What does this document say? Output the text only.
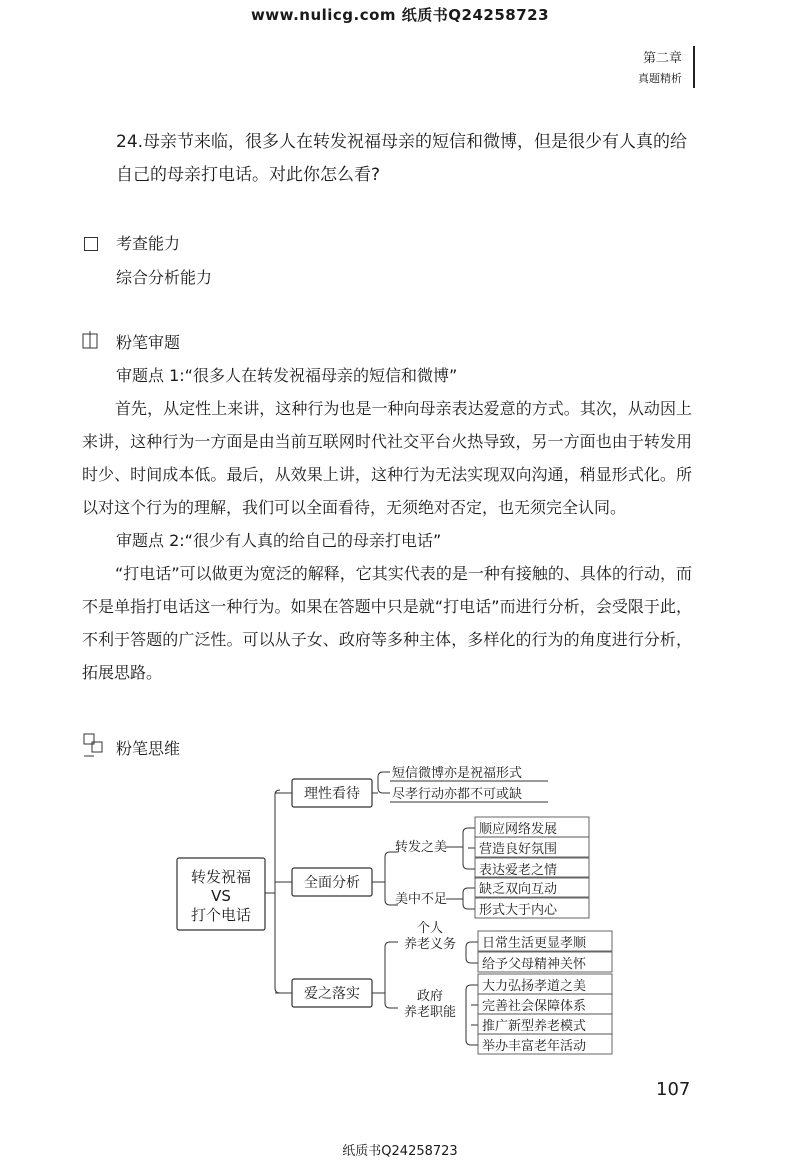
www.nulicg.com 纸质书Q24258723
第二章
真题精析
24.母亲节来临，很多人在转发祝福母亲的短信和微博，但是很少有人真的给自己的母亲打电话。对此你怎么看?
考查能力
综合分析能力
粉笔审题
审题点 1:“很多人在转发祝福母亲的短信和微博”
首先，从定性上来讲，这种行为也是一种向母亲表达爱意的方式。其次，从动因上来讲，这种行为一方面是由当前互联网时代社交平台火热导致，另一方面也由于转发用时少、时间成本低。最后，从效果上讲，这种行为无法实现双向沟通，稍显形式化。所以对这个行为的理解，我们可以全面看待，无须绝对否定，也无须完全认同。
审题点 2:“很少有人真的给自己的母亲打电话”
“打电话”可以做更为宽泛的解释，它其实代表的是一种有接触的、具体的行动，而不是单指打电话这一种行为。如果在答题中只是就“打电话”而进行分析，会受限于此，不利于答题的广泛性。可以从子女、政府等多种主体，多样化的行为的角度进行分析，拓展思路。
粉笔思维
转发祝福
VS
打个电话
理性看待
全面分析
爱之落实
短信微博亦是祝福形式
尽孝行动亦都不可或缺
转发之美
顺应网络发展
营造良好氛围
表达爱老之情
美中不足
缺乏双向互动
形式大于内心
个人
养老义务 日常生活更显孝顺
给予父母精神关怀
政府
养老职能
大力弘扬孝道之美
完善社会保障体系
推广新型养老模式
举办丰富老年活动
107
纸质书Q24258723
